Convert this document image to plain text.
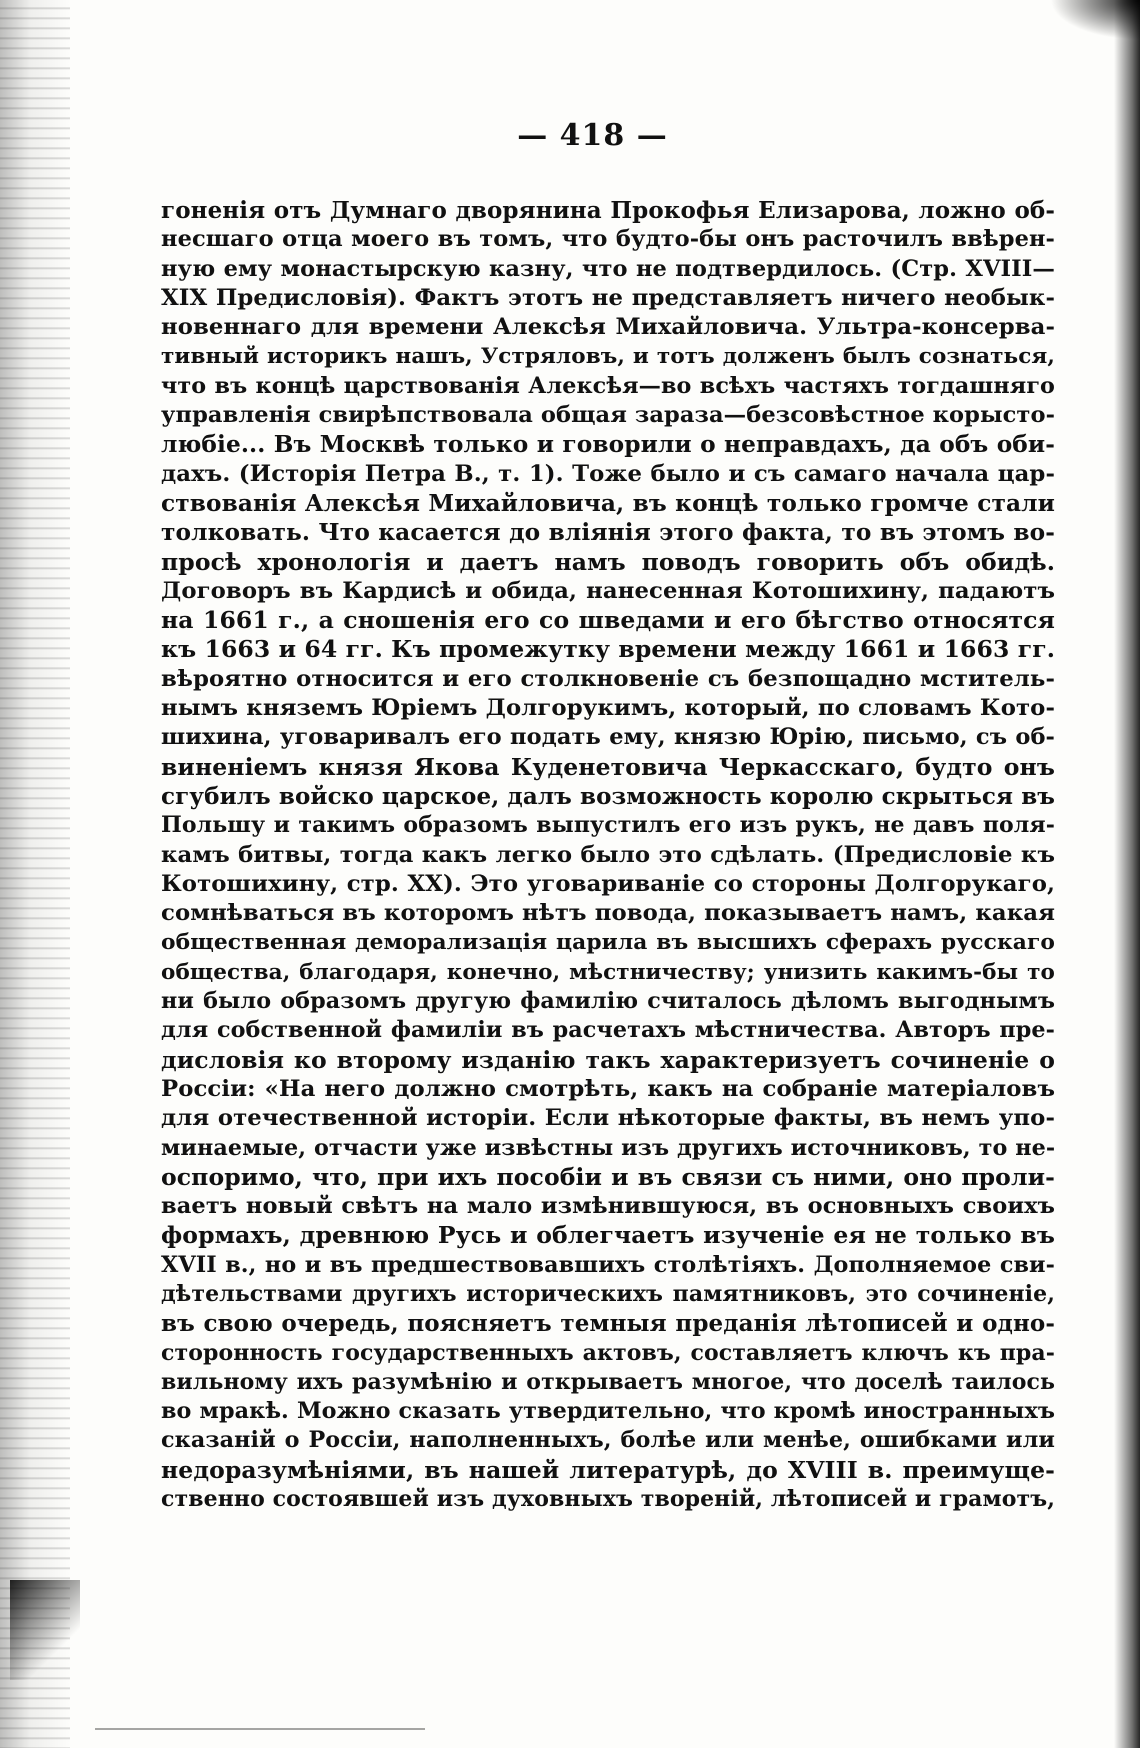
— 418 —
гоненія отъ Думнаго дворянина Прокофья Елизарова, ложно об-
несшаго отца моего въ томъ, что будто-бы онъ расточилъ ввѣрен-
ную ему монастырскую казну, что не подтвердилось. (Стр. XVIII—
XIX Предисловія). Фактъ этотъ не представляетъ ничего необык-
новеннаго для времени Алексѣя Михайловича. Ультра-консерва-
тивный историкъ нашъ, Устряловъ, и тотъ долженъ былъ сознаться,
что въ концѣ царствованія Алексѣя—во всѣхъ частяхъ тогдашняго
управленія свирѣпствовала общая зараза—безсовѣстное корысто-
любіе... Въ Москвѣ только и говорили о неправдахъ, да объ оби-
дахъ. (Исторія Петра В., т. 1). Тоже было и съ самаго начала цар-
ствованія Алексѣя Михайловича, въ концѣ только громче стали
толковать. Что касается до вліянія этого факта, то въ этомъ во-
просѣ хронологія и даетъ намъ поводъ говорить объ обидѣ.
Договоръ въ Кардисѣ и обида, нанесенная Котошихину, падаютъ
на 1661 г., а сношенія его со шведами и его бѣгство относятся
къ 1663 и 64 гг. Къ промежутку времени между 1661 и 1663 гг.
вѣроятно относится и его столкновеніе съ безпощадно мститель-
нымъ княземъ Юріемъ Долгорукимъ, который, по словамъ Кото-
шихина, уговаривалъ его подать ему, князю Юрію, письмо, съ об-
виненіемъ князя Якова Куденетовича Черкасскаго, будто онъ
сгубилъ войско царское, далъ возможность королю скрыться въ
Польшу и такимъ образомъ выпустилъ его изъ рукъ, не давъ поля-
камъ битвы, тогда какъ легко было это сдѣлать. (Предисловіе къ
Котошихину, стр. XX). Это уговариваніе со стороны Долгорукаго,
сомнѣваться въ которомъ нѣтъ повода, показываетъ намъ, какая
общественная деморализація царила въ высшихъ сферахъ русскаго
общества, благодаря, конечно, мѣстничеству; унизить какимъ-бы то
ни было образомъ другую фамилію считалось дѣломъ выгоднымъ
для собственной фамиліи въ расчетахъ мѣстничества. Авторъ пре-
дисловія ко второму изданію такъ характеризуетъ сочиненіе о
Россіи: «На него должно смотрѣть, какъ на собраніе матеріаловъ
для отечественной исторіи. Если нѣкоторые факты, въ немъ упо-
минаемые, отчасти уже извѣстны изъ другихъ источниковъ, то не-
оспоримо, что, при ихъ пособіи и въ связи съ ними, оно проли-
ваетъ новый свѣтъ на мало измѣнившуюся, въ основныхъ своихъ
формахъ, древнюю Русь и облегчаетъ изученіе ея не только въ
XVII в., но и въ предшествовавшихъ столѣтіяхъ. Дополняемое сви-
дѣтельствами другихъ историческихъ памятниковъ, это сочиненіе,
въ свою очередь, поясняетъ темныя преданія лѣтописей и одно-
сторонность государственныхъ актовъ, составляетъ ключъ къ пра-
вильному ихъ разумѣнію и открываетъ многое, что доселѣ таилось
во мракѣ. Можно сказать утвердительно, что кромѣ иностранныхъ
сказаній о Россіи, наполненныхъ, болѣе или менѣе, ошибками или
недоразумѣніями, въ нашей литературѣ, до XVIII в. преимуще-
ственно состоявшей изъ духовныхъ твореній, лѣтописей и грамотъ,
